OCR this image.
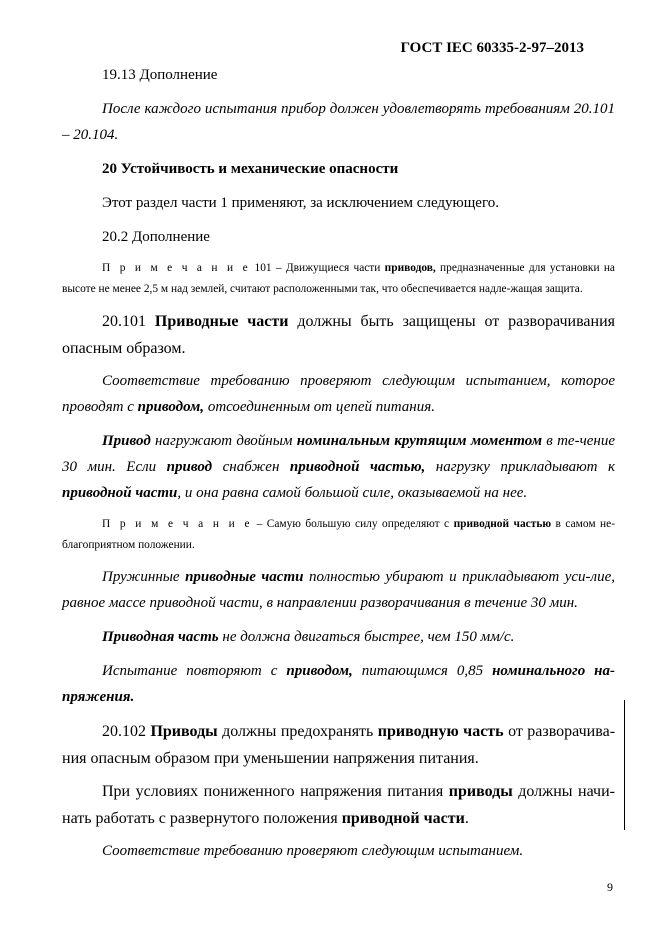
ГОСТ IEC 60335-2-97–2013

19.13 Дополнение

После каждого испытания прибор должен удовлетворять требованиям 20.101 – 20.104.

20 Устойчивость и механические опасности

Этот раздел части 1 применяют, за исключением следующего.

20.2 Дополнение

П р и м е ч а н и е 101 – Движущиеся части приводов, предназначенные для установки на высоте не менее 2,5 м над землей, считают расположенными так, что обеспечивается надле-жащая защита.

20.101 Приводные части должны быть защищены от разворачивания опасным образом.

Соответствие требованию проверяют следующим испытанием, которое проводят с приводом, отсоединенным от цепей питания.

Привод нагружают двойным номинальным крутящим моментом в те-чение 30 мин. Если привод снабжен приводной частью, нагрузку прикладывают к приводной части, и она равна самой большой силе, оказываемой на нее.

П р и м е ч а н и е – Самую большую силу определяют с приводной частью в самом не-благоприятном положении.

Пружинные приводные части полностью убирают и прикладывают уси-лие, равное массе приводной части, в направлении разворачивания в течение 30 мин.

Приводная часть не должна двигаться быстрее, чем 150 мм/с.

Испытание повторяют с приводом, питающимся 0,85 номинального на-пряжения.

20.102 Приводы должны предохранять приводную часть от разворачива-ния опасным образом при уменьшении напряжения питания.

При условиях пониженного напряжения питания приводы должны начи-нать работать с развернутого положения приводной части.

Соответствие требованию проверяют следующим испытанием.

9
